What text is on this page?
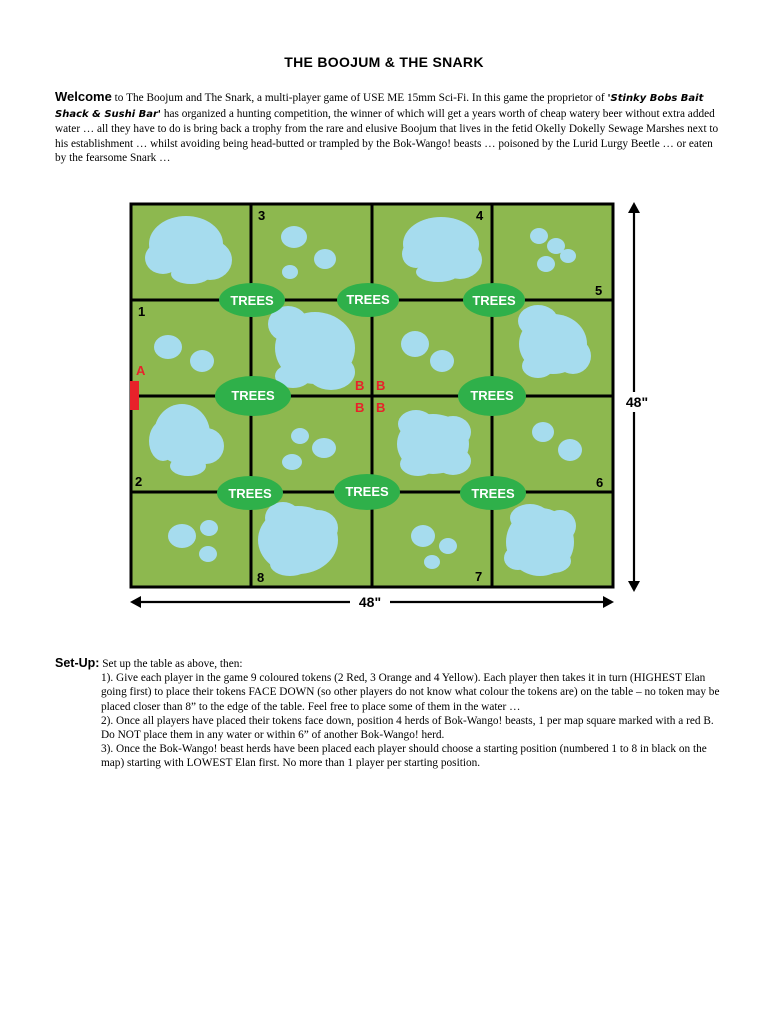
THE BOOJUM & THE SNARK
Welcome to The Boojum and The Snark, a multi-player game of USE ME 15mm Sci-Fi. In this game the proprietor of 'Stinky Bobs Bait Shack & Sushi Bar' has organized a hunting competition, the winner of which will get a years worth of cheap watery beer without extra added water … all they have to do is bring back a trophy from the rare and elusive Boojum that lives in the fetid Okelly Dokelly Sewage Marshes next to his establishment … whilst avoiding being head-butted or trampled by the Bok-Wango! beasts … poisoned by the Lurid Lurgy Beetle … or eaten by the fearsome Snark …
TREES	TREES	TREES
TREES	TREES
TREES	TREES	TREES
1
2
3	4
5
6
7
8
A
B B
B B	48"
48"
Set-Up: Set up the table as above, then:
1). Give each player in the game 9 coloured tokens (2 Red, 3 Orange and 4 Yellow). Each player then takes it in turn (HIGHEST Elan going first) to place their tokens FACE DOWN (so other players do not know what colour the tokens are) on the table – no token may be placed closer than 8” to the edge of the table. Feel free to place some of them in the water …
2). Once all players have placed their tokens face down, position 4 herds of Bok-Wango! beasts, 1 per map square marked with a red B. Do NOT place them in any water or within 6” of another Bok-Wango! herd.
3). Once the Bok-Wango! beast herds have been placed each player should choose a starting position (numbered 1 to 8 in black on the map) starting with LOWEST Elan first. No more than 1 player per starting position.
